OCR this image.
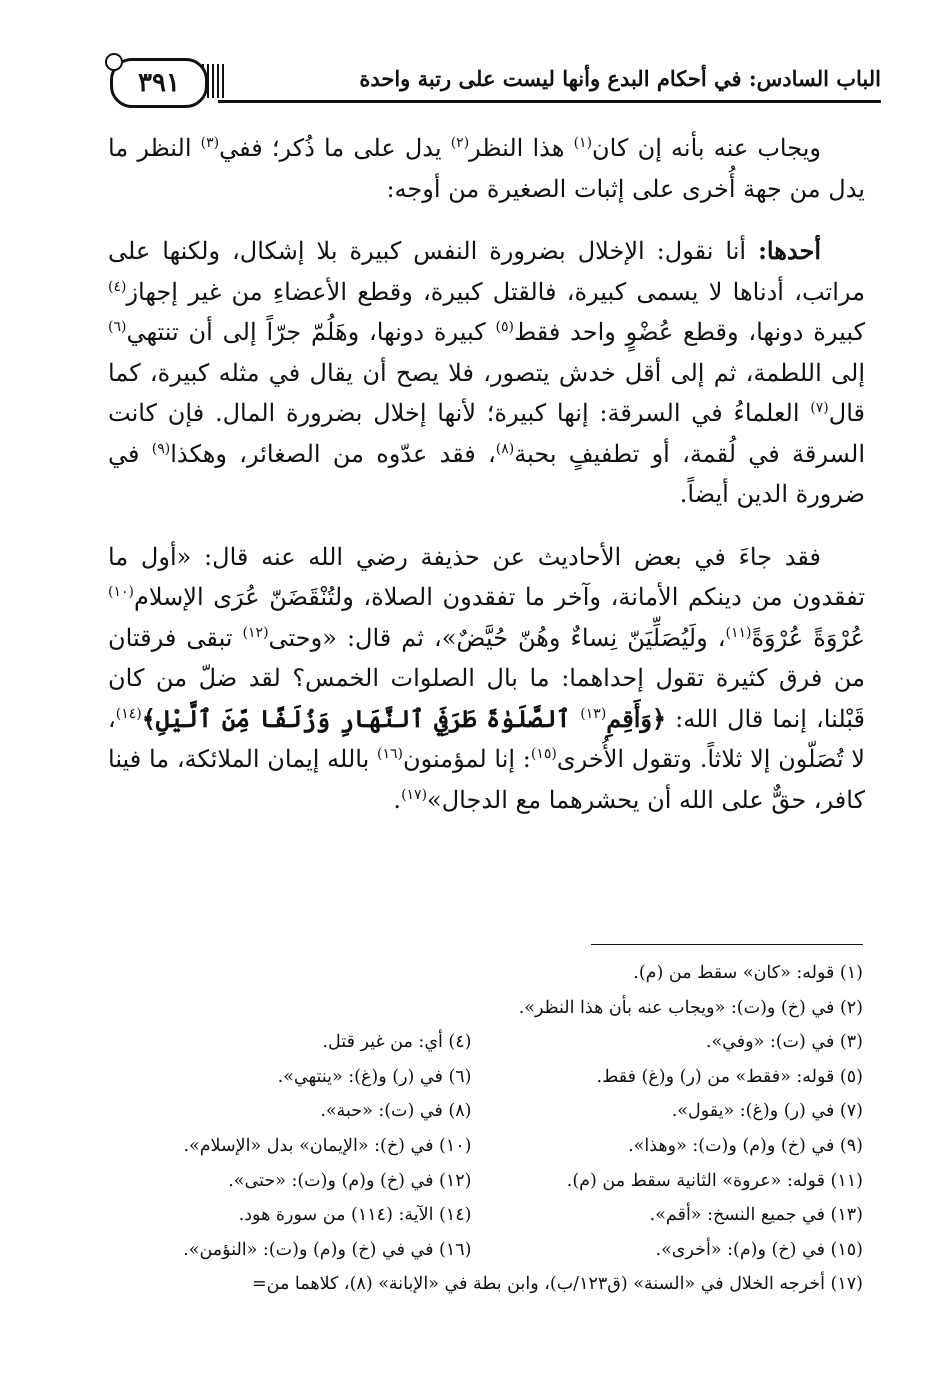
الباب السادس: في أحكام البدع وأنها ليست على رتبة واحدة
٣٩١

ويجاب عنه بأنه إن كان$^{(١)}$ هذا النظر$^{(٢)}$ يدل على ما ذُكر؛ ففي$^{(٣)}$ النظر ما يدل من جهة أُخرى على إثبات الصغيرة من أوجه:

أحدها: أنا نقول: الإخلال بضرورة النفس كبيرة بلا إشكال، ولكنها على مراتب، أدناها لا يسمى كبيرة، فالقتل كبيرة، وقطع الأعضاءِ من غير إجهاز$^{(٤)}$ كبيرة دونها، وقطع عُضْوٍ واحد فقط$^{(٥)}$ كبيرة دونها، وهَلُمّ جرّاً إلى أن تنتهي$^{(٦)}$ إلى اللطمة، ثم إلى أقل خدش يتصور، فلا يصح أن يقال في مثله كبيرة، كما قال$^{(٧)}$ العلماءُ في السرقة: إنها كبيرة؛ لأنها إخلال بضرورة المال. فإن كانت السرقة في لُقمة، أو تطفيفٍ بحبة$^{(٨)}$، فقد عدّوه من الصغائر، وهكذا$^{(٩)}$ في ضرورة الدين أيضاً.

فقد جاءَ في بعض الأحاديث عن حذيفة رضي الله عنه قال: «أول ما تفقدون من دينكم الأمانة، وآخر ما تفقدون الصلاة، ولتُنْقَضَنّ عُرَى الإسلام$^{(١٠)}$ عُرْوَةً عُرْوَةً$^{(١١)}$، ولَيُصَلِّيَنّ نِساءٌ وهُنّ حُيَّضٌ»، ثم قال: «وحتى$^{(١٢)}$ تبقى فرقتان من فرق كثيرة تقول إحداهما: ما بال الصلوات الخمس؟ لقد ضلّ من كان قَبْلنا، إنما قال الله: ﴿وَأَقِمِ$^{(١٣)}$ ٱلصَّلَوٰةَ طَرَفَيِ ٱلنَّهَارِ وَزُلَفًا مِّنَ ٱلَّيْلِ﴾$^{(١٤)}$، لا تُصَلّون إلا ثلاثاً. وتقول الأُخرى$^{(١٥)}$: إنا لمؤمنون$^{(١٦)}$ بالله إيمان الملائكة، ما فينا كافر، حقٌّ على الله أن يحشرهما مع الدجال»$^{(١٧)}$.

(١) قوله: «كان» سقط من (م).
(٢) في (خ) و(ت): «ويجاب عنه بأن هذا النظر».
(٣) في (ت): «وفي».
(٤) أي: من غير قتل.
(٥) قوله: «فقط» من (ر) و(غ) فقط.
(٦) في (ر) و(غ): «ينتهي».
(٧) في (ر) و(غ): «يقول».
(٨) في (ت): «حبة».
(٩) في (خ) و(م) و(ت): «وهذا».
(١٠) في (خ): «الإيمان» بدل «الإسلام».
(١١) قوله: «عروة» الثانية سقط من (م).
(١٢) في (خ) و(م) و(ت): «حتى».
(١٣) في جميع النسخ: «أقم».
(١٤) الآية: (١١٤) من سورة هود.
(١٥) في (خ) و(م): «أخرى».
(١٦) في في (خ) و(م) و(ت): «النؤمن».
(١٧) أخرجه الخلال في «السنة» (ق١٢٣/ب)، وابن بطة في «الإبانة» (٨)، كلاهما من=
